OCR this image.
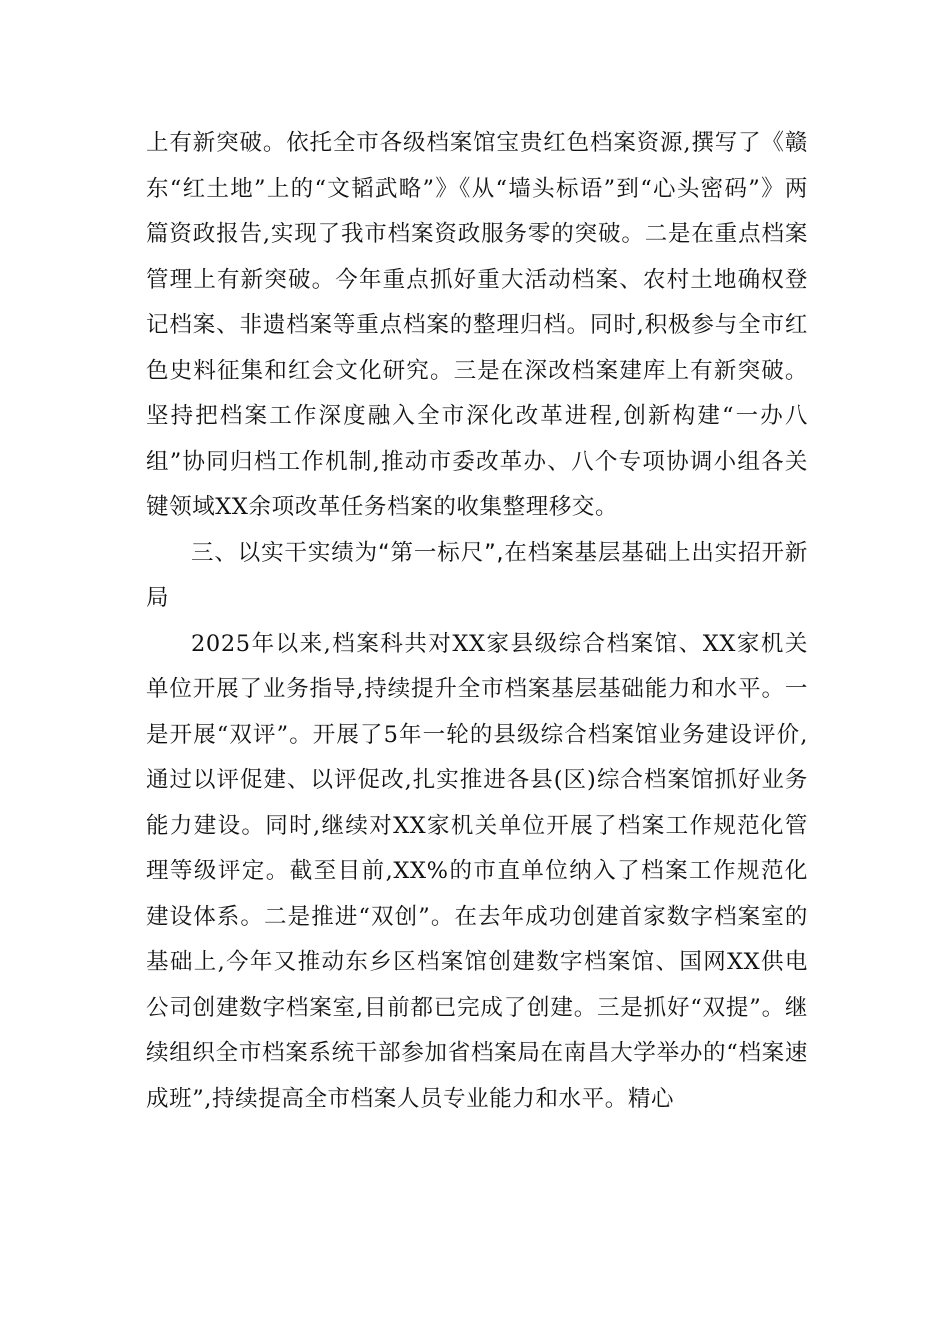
上有新突破。依托全市各级档案馆宝贵红色档案资源,撰写了《赣东“红土地”上的“文韬武略”》《从“墙头标语”到“心头密码”》两篇资政报告,实现了我市档案资政服务零的突破。二是在重点档案管理上有新突破。今年重点抓好重大活动档案、农村土地确权登记档案、非遗档案等重点档案的整理归档。同时,积极参与全市红色史料征集和红会文化研究。三是在深改档案建库上有新突破。坚持把档案工作深度融入全市深化改革进程,创新构建“一办八组”协同归档工作机制,推动市委改革办、八个专项协调小组各关键领域XX余项改革任务档案的收集整理移交。

三、以实干实绩为“第一标尺”,在档案基层基础上出实招开新局

2025年以来,档案科共对XX家县级综合档案馆、XX家机关单位开展了业务指导,持续提升全市档案基层基础能力和水平。一是开展“双评”。开展了5年一轮的县级综合档案馆业务建设评价,通过以评促建、以评促改,扎实推进各县(区)综合档案馆抓好业务能力建设。同时,继续对XX家机关单位开展了档案工作规范化管理等级评定。截至目前,XX%的市直单位纳入了档案工作规范化建设体系。二是推进“双创”。在去年成功创建首家数字档案室的基础上,今年又推动东乡区档案馆创建数字档案馆、国网XX供电公司创建数字档案室,目前都已完成了创建。三是抓好“双提”。继续组织全市档案系统干部参加省档案局在南昌大学举办的“档案速成班”,持续提高全市档案人员专业能力和水平。精心
